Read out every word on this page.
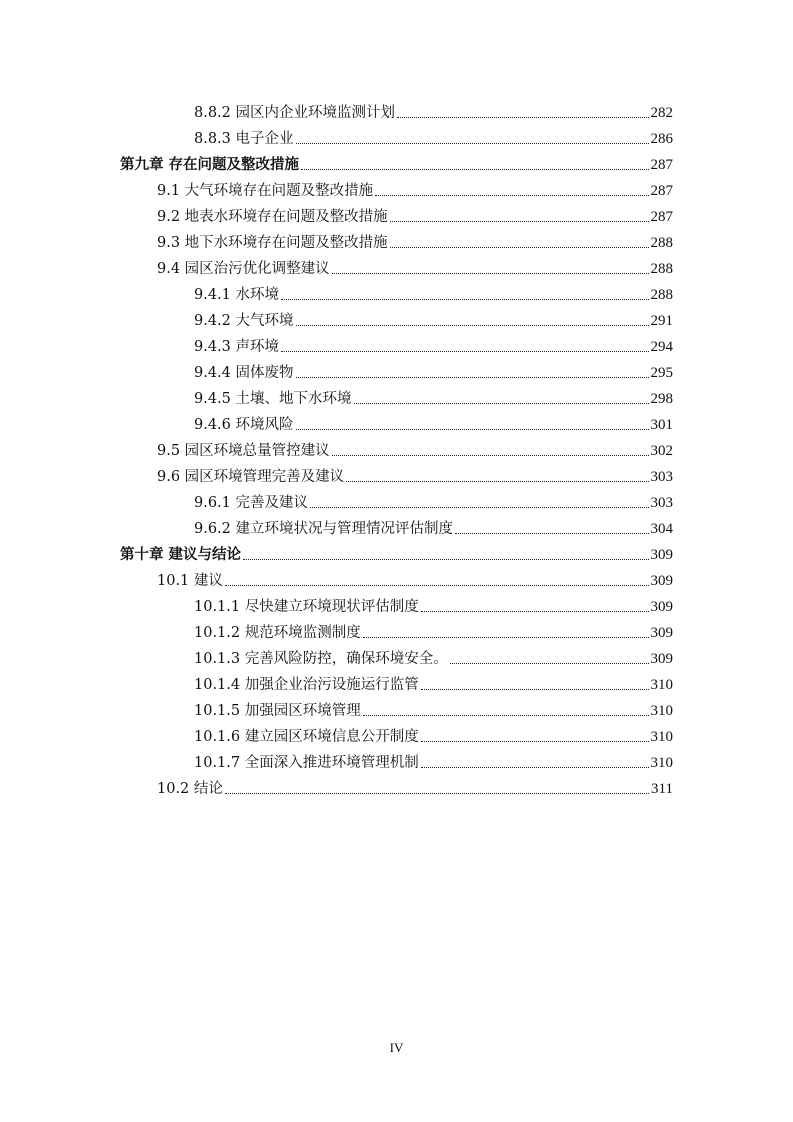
8.8.2 园区内企业环境监测计划	282
8.8.3 电子企业	286
第九章 存在问题及整改措施	287
9.1 大气环境存在问题及整改措施	287
9.2 地表水环境存在问题及整改措施	287
9.3 地下水环境存在问题及整改措施	288
9.4 园区治污优化调整建议	288
9.4.1 水环境	288
9.4.2 大气环境	291
9.4.3 声环境	294
9.4.4 固体废物	295
9.4.5 土壤、地下水环境	298
9.4.6 环境风险	301
9.5 园区环境总量管控建议	302
9.6 园区环境管理完善及建议	303
9.6.1 完善及建议	303
9.6.2 建立环境状况与管理情况评估制度	304
第十章 建议与结论	309
10.1 建议	309
10.1.1 尽快建立环境现状评估制度	309
10.1.2 规范环境监测制度	309
10.1.3 完善风险防控，确保环境安全。	309
10.1.4 加强企业治污设施运行监管	310
10.1.5 加强园区环境管理	310
10.1.6 建立园区环境信息公开制度	310
10.1.7 全面深入推进环境管理机制	310
10.2 结论	311
IV
